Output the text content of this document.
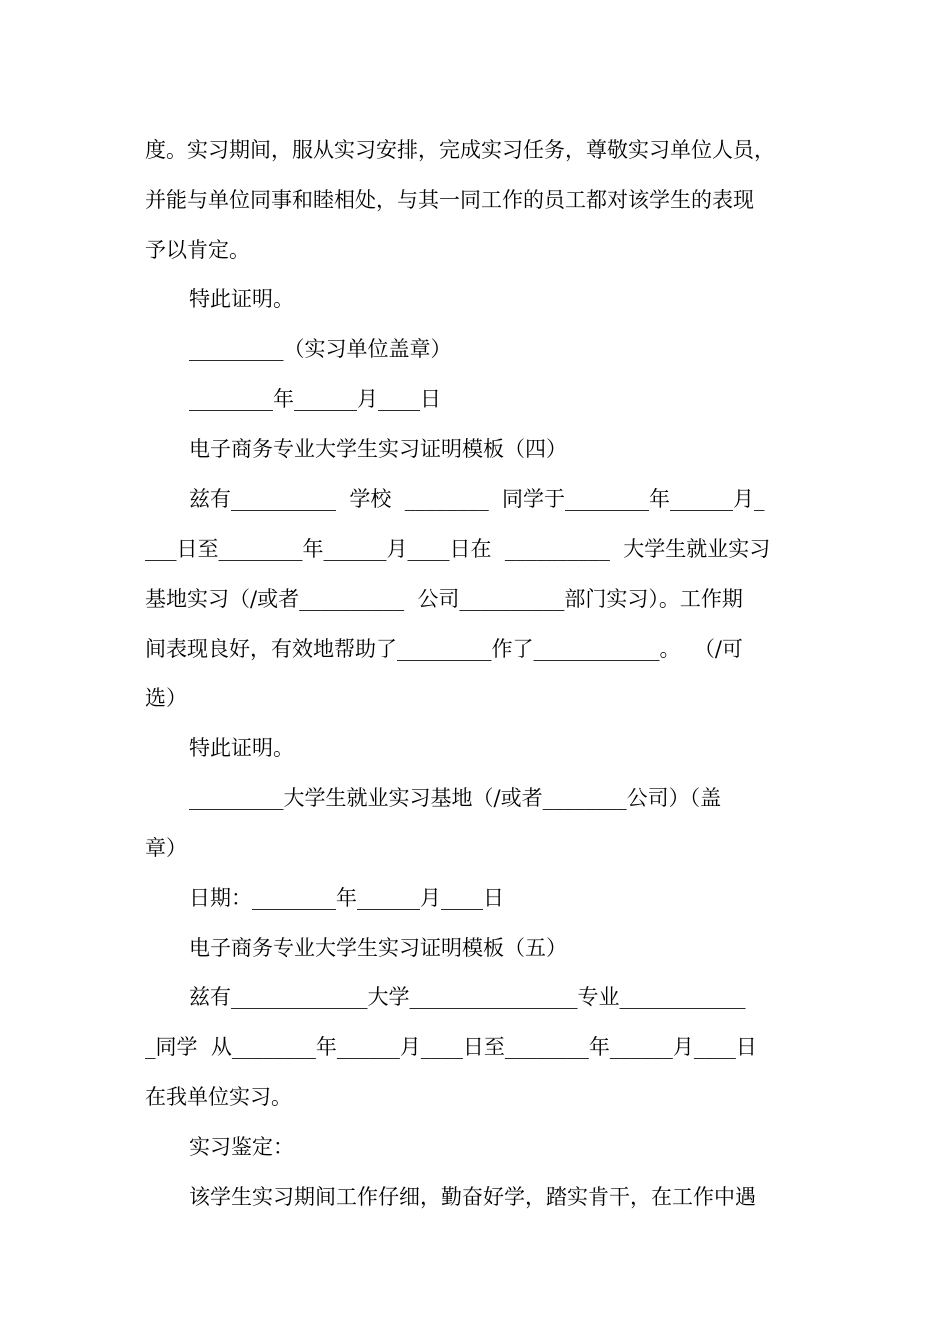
度。实习期间，服从实习安排，完成实习任务，尊敬实习单位人员，
并能与单位同事和睦相处，与其一同工作的员工都对该学生的表现
予以肯定。
特此证明。
_________（实习单位盖章）
________年______月____日
电子商务专业大学生实习证明模板（四）
兹有__________  学校  ________  同学于________年______月_
___日至________年______月____日在  __________  大学生就业实习
基地实习（/或者__________  公司__________部门实习）。工作期
间表现良好，有效地帮助了_________作了____________。  （/可
选）
特此证明。
_________大学生就业实习基地（/或者________公司）（盖
章）
日期：________年______月____日
电子商务专业大学生实习证明模板（五）
兹有_____________大学________________专业____________
_同学  从________年______月____日至________年______月____日
在我单位实习。
实习鉴定：
该学生实习期间工作仔细，勤奋好学，踏实肯干，在工作中遇
